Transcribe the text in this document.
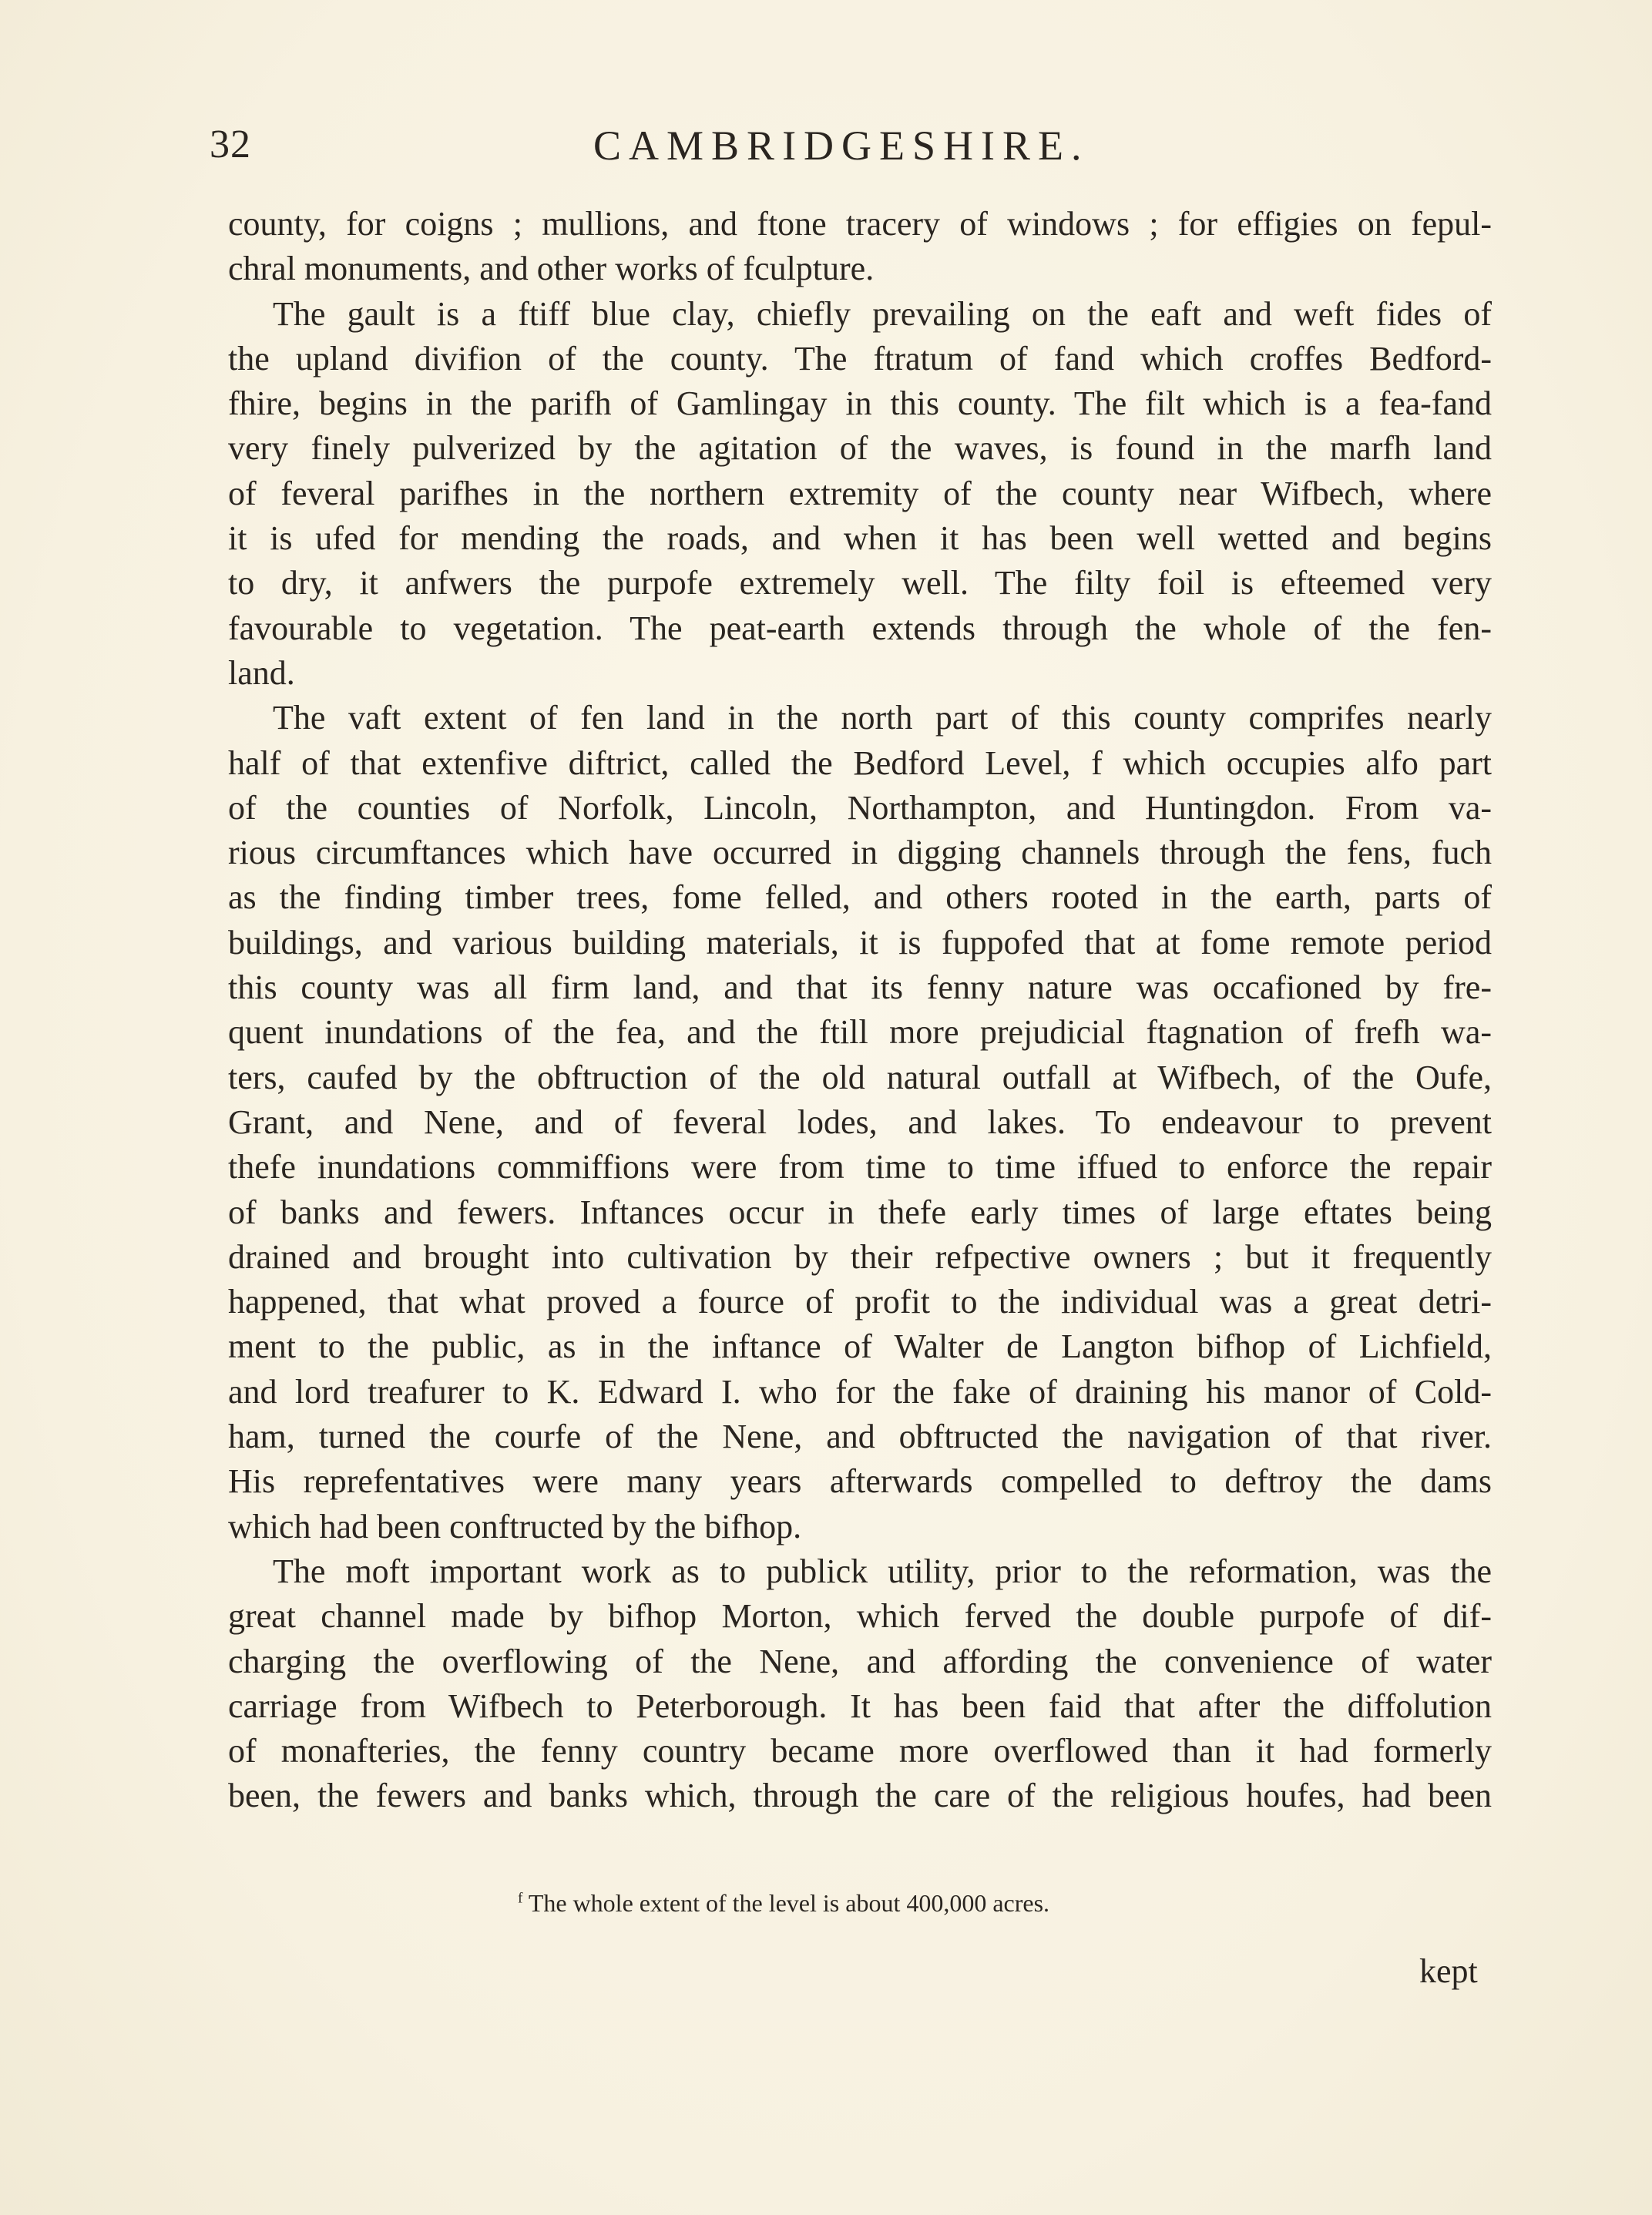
32	CAMBRIDGESHIRE.
county, for coigns ; mullions, and ftone tracery of windows ; for effigies on fepul-
chral monuments, and other works of fculpture.
The gault is a ftiff blue clay, chiefly prevailing on the eaft and weft fides of
the upland divifion of the county. The ftratum of fand which croffes Bedford-
fhire, begins in the parifh of Gamlingay in this county. The filt which is a fea-fand
very finely pulverized by the agitation of the waves, is found in the marfh land
of feveral parifhes in the northern extremity of the county near Wifbech, where
it is ufed for mending the roads, and when it has been well wetted and begins
to dry, it anfwers the purpofe extremely well. The filty foil is efteemed very
favourable to vegetation. The peat-earth extends through the whole of the fen-
land.
The vaft extent of fen land in the north part of this county comprifes nearly
half of that extenfive diftrict, called the Bedford Level, f which occupies alfo part
of the counties of Norfolk, Lincoln, Northampton, and Huntingdon. From va-
rious circumftances which have occurred in digging channels through the fens, fuch
as the finding timber trees, fome felled, and others rooted in the earth, parts of
buildings, and various building materials, it is fuppofed that at fome remote period
this county was all firm land, and that its fenny nature was occafioned by fre-
quent inundations of the fea, and the ftill more prejudicial ftagnation of frefh wa-
ters, caufed by the obftruction of the old natural outfall at Wifbech, of the Oufe,
Grant, and Nene, and of feveral lodes, and lakes. To endeavour to prevent
thefe inundations commiffions were from time to time iffued to enforce the repair
of banks and fewers. Inftances occur in thefe early times of large eftates being
drained and brought into cultivation by their refpective owners ; but it frequently
happened, that what proved a fource of profit to the individual was a great detri-
ment to the public, as in the inftance of Walter de Langton bifhop of Lichfield,
and lord treafurer to K. Edward I. who for the fake of draining his manor of Cold-
ham, turned the courfe of the Nene, and obftructed the navigation of that river.
His reprefentatives were many years afterwards compelled to deftroy the dams
which had been conftructed by the bifhop.
The moft important work as to publick utility, prior to the reformation, was the
great channel made by bifhop Morton, which ferved the double purpofe of dif-
charging the overflowing of the Nene, and affording the convenience of water
carriage from Wifbech to Peterborough. It has been faid that after the diffolution
of monafteries, the fenny country became more overflowed than it had formerly
been, the fewers and banks which, through the care of the religious houfes, had been
$^f$ The whole extent of the level is about 400,000 acres.
kept
